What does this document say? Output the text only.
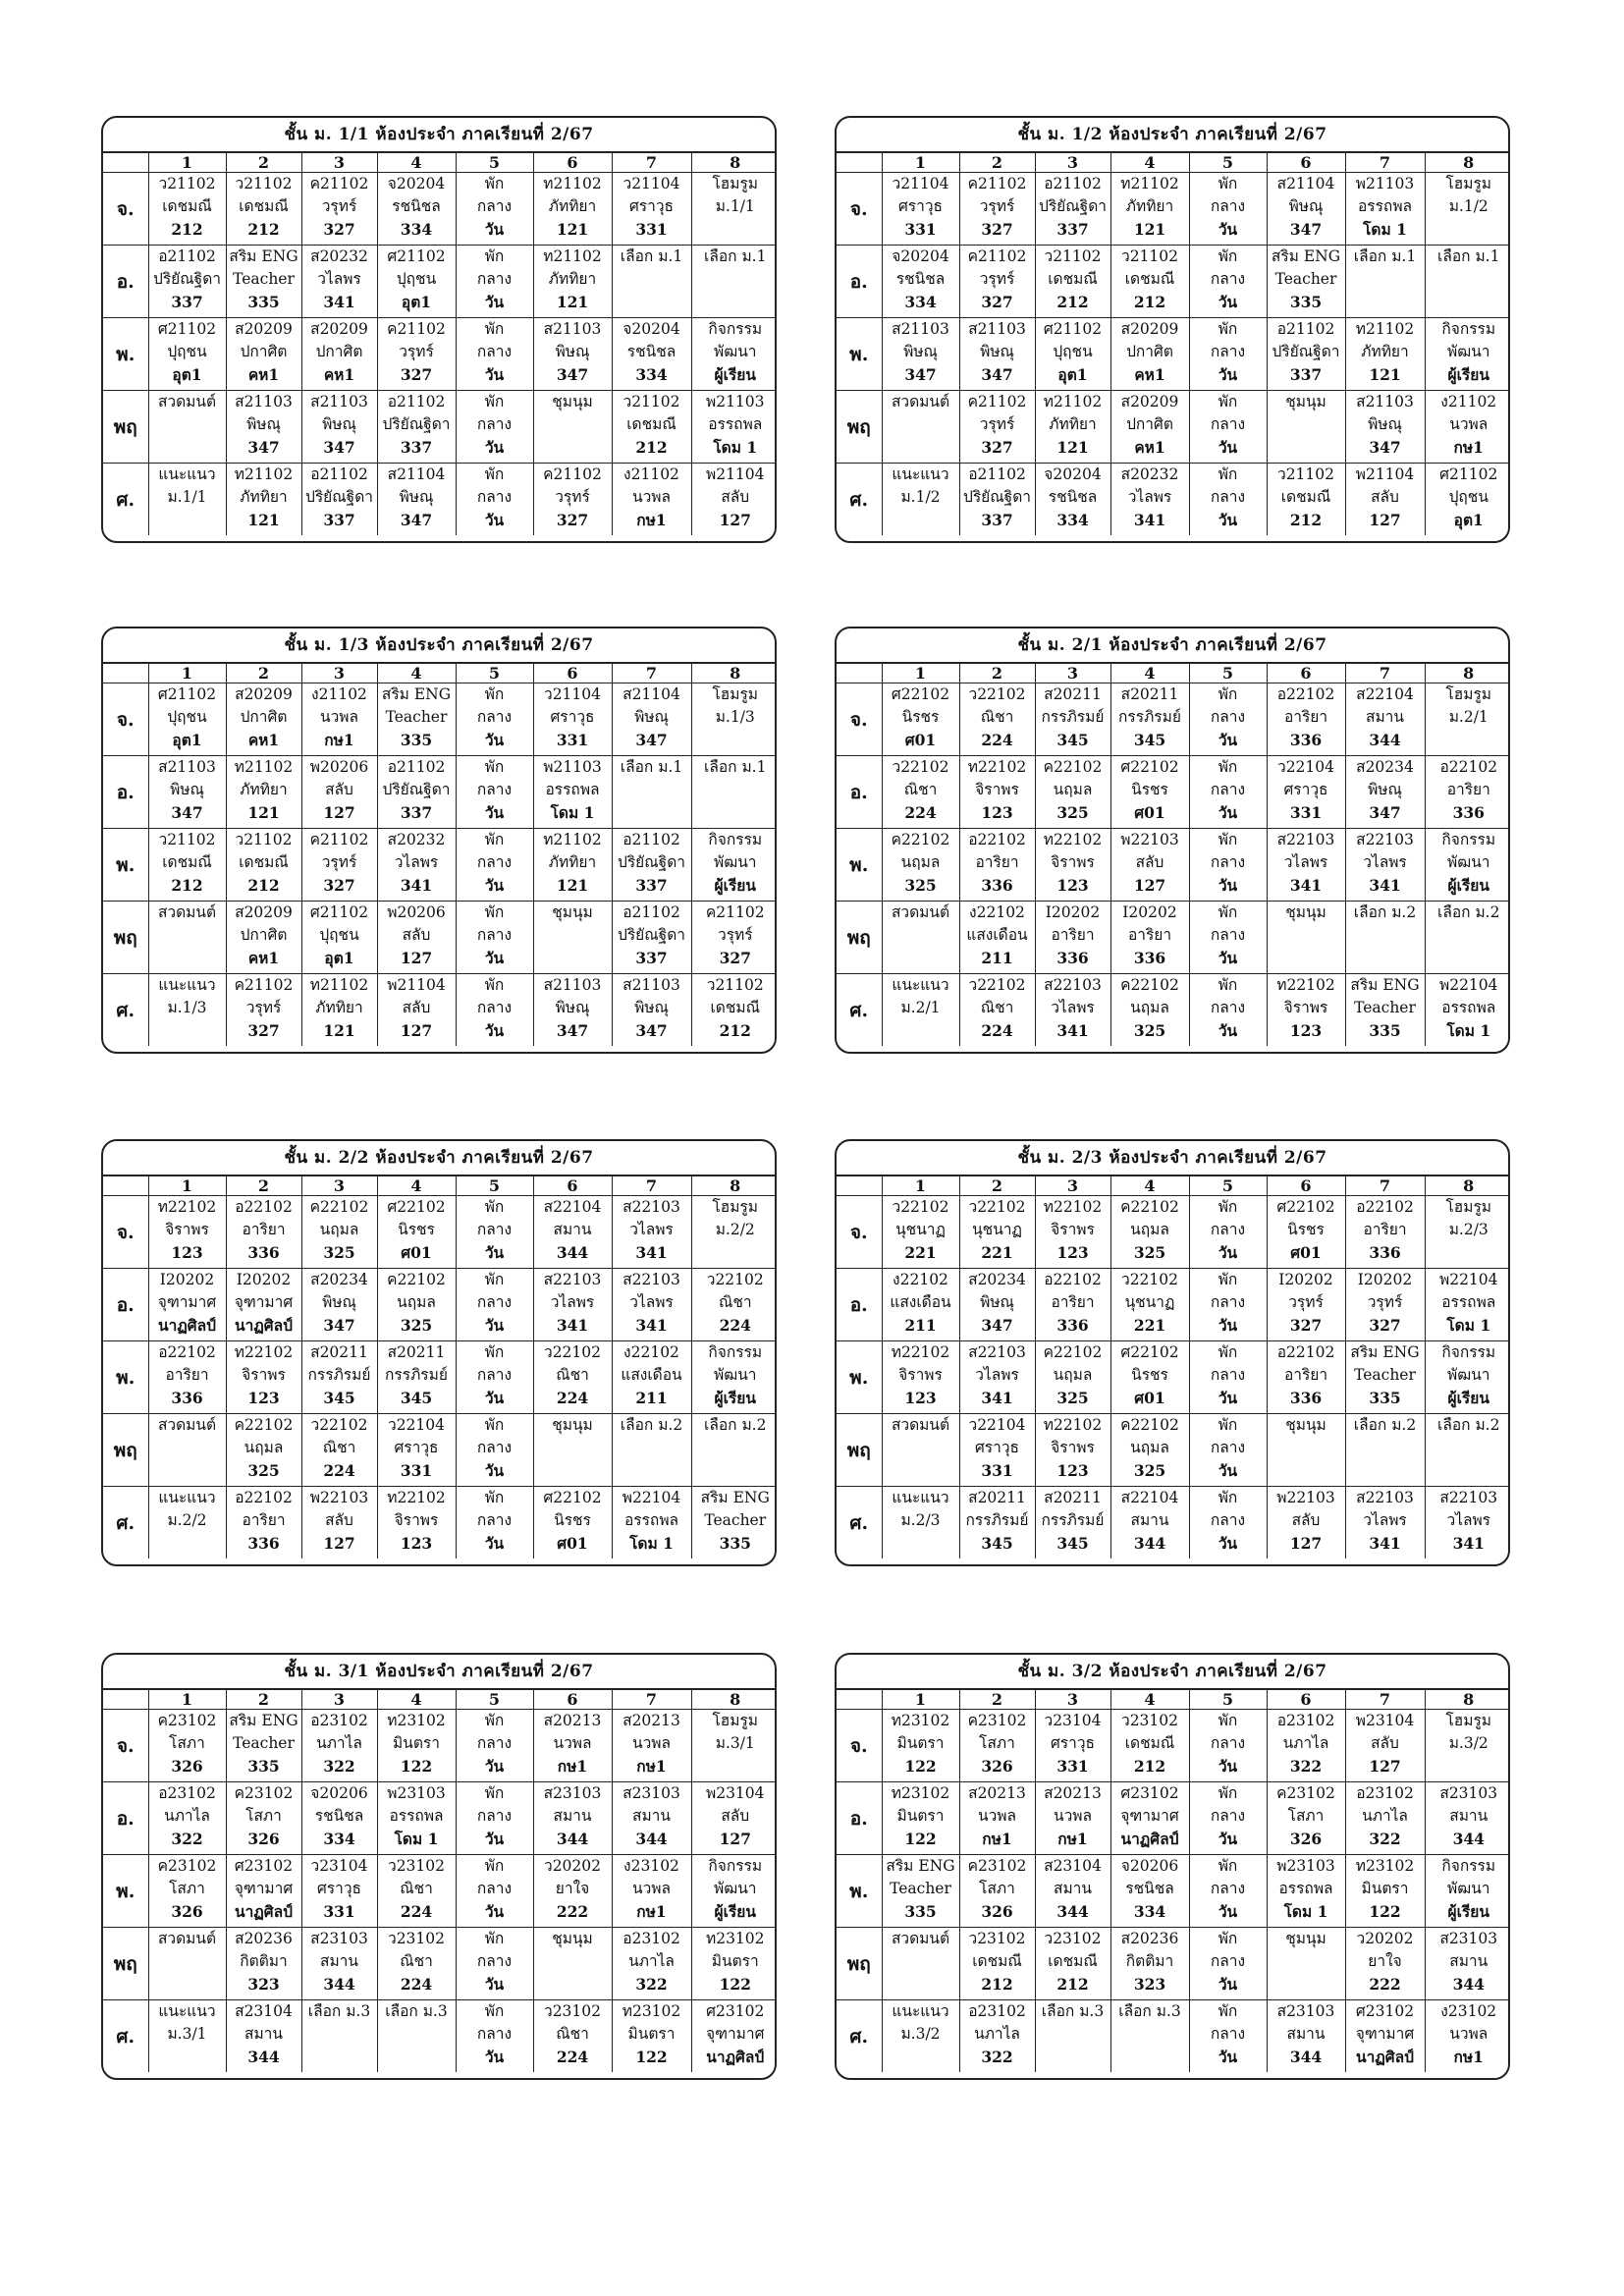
ชั้น ม. 1/1 ห้องประจำ ภาคเรียนที่ 2/67
	1	2	3	4	5	6	7	8
จ.	ว21102
เดชมณี
212	ว21102
เดชมณี
212	ค21102
วรุทร์
327	จ20204
รชนิชล
334	พัก
กลาง
วัน	ท21102
ภัททิยา
121	ว21104
ศราวุธ
331	โฮมรูม
ม.1/1

อ.	อ21102
ปริยัณฐิดา
337	สริม ENG
Teacher
335	ส20232
วไลพร
341	ศ21102
ปุฤชน
อุต1	พัก
กลาง
วัน	ท21102
ภัททิยา
121	เลือก ม.1	เลือก ม.1

พ.	ศ21102
ปุฤชน
อุต1	ส20209
ปกาศิต
คห1	ส20209
ปกาศิต
คห1	ค21102
วรุทร์
327	พัก
กลาง
วัน	ส21103
พิษณุ
347	จ20204
รชนิชล
334	กิจกรรม
พัฒนา
ผู้เรียน

พฤ	สวดมนต์	ส21103
พิษณุ
347	ส21103
พิษณุ
347	อ21102
ปริยัณฐิดา
337	พัก
กลาง
วัน	ชุมนุม	ว21102
เดชมณี
212	พ21103
อรรถพล
โดม 1

ศ.	แนะแนว
ม.1/1	ท21102
ภัททิยา
121	อ21102
ปริยัณฐิดา
337	ส21104
พิษณุ
347	พัก
กลาง
วัน	ค21102
วรุทร์
327	ง21102
นวพล
กษ1	พ21104
สลับ
127
ชั้น ม. 1/2 ห้องประจำ ภาคเรียนที่ 2/67
	1	2	3	4	5	6	7	8
จ.	ว21104
ศราวุธ
331	ค21102
วรุทร์
327	อ21102
ปริยัณฐิดา
337	ท21102
ภัททิยา
121	พัก
กลาง
วัน	ส21104
พิษณุ
347	พ21103
อรรถพล
โดม 1	โฮมรูม
ม.1/2

อ.	จ20204
รชนิชล
334	ค21102
วรุทร์
327	ว21102
เดชมณี
212	ว21102
เดชมณี
212	พัก
กลาง
วัน	สริม ENG
Teacher
335	เลือก ม.1	เลือก ม.1

พ.	ส21103
พิษณุ
347	ส21103
พิษณุ
347	ศ21102
ปุฤชน
อุต1	ส20209
ปกาศิต
คห1	พัก
กลาง
วัน	อ21102
ปริยัณฐิดา
337	ท21102
ภัททิยา
121	กิจกรรม
พัฒนา
ผู้เรียน

พฤ	สวดมนต์	ค21102
วรุทร์
327	ท21102
ภัททิยา
121	ส20209
ปกาศิต
คห1	พัก
กลาง
วัน	ชุมนุม	ส21103
พิษณุ
347	ง21102
นวพล
กษ1

ศ.	แนะแนว
ม.1/2	อ21102
ปริยัณฐิดา
337	จ20204
รชนิชล
334	ส20232
วไลพร
341	พัก
กลาง
วัน	ว21102
เดชมณี
212	พ21104
สลับ
127	ศ21102
ปุฤชน
อุต1
ชั้น ม. 1/3 ห้องประจำ ภาคเรียนที่ 2/67
	1	2	3	4	5	6	7	8
จ.	ศ21102
ปุฤชน
อุต1	ส20209
ปกาศิต
คห1	ง21102
นวพล
กษ1	สริม ENG
Teacher
335	พัก
กลาง
วัน	ว21104
ศราวุธ
331	ส21104
พิษณุ
347	โฮมรูม
ม.1/3

อ.	ส21103
พิษณุ
347	ท21102
ภัททิยา
121	พ20206
สลับ
127	อ21102
ปริยัณฐิดา
337	พัก
กลาง
วัน	พ21103
อรรถพล
โดม 1	เลือก ม.1	เลือก ม.1

พ.	ว21102
เดชมณี
212	ว21102
เดชมณี
212	ค21102
วรุทร์
327	ส20232
วไลพร
341	พัก
กลาง
วัน	ท21102
ภัททิยา
121	อ21102
ปริยัณฐิดา
337	กิจกรรม
พัฒนา
ผู้เรียน

พฤ	สวดมนต์	ส20209
ปกาศิต
คห1	ศ21102
ปุฤชน
อุต1	พ20206
สลับ
127	พัก
กลาง
วัน	ชุมนุม	อ21102
ปริยัณฐิดา
337	ค21102
วรุทร์
327

ศ.	แนะแนว
ม.1/3	ค21102
วรุทร์
327	ท21102
ภัททิยา
121	พ21104
สลับ
127	พัก
กลาง
วัน	ส21103
พิษณุ
347	ส21103
พิษณุ
347	ว21102
เดชมณี
212
ชั้น ม. 2/1 ห้องประจำ ภาคเรียนที่ 2/67
	1	2	3	4	5	6	7	8
จ.	ศ22102
นิรชร
ศ01	ว22102
ณิชา
224	ส20211
กรรภิรมย์
345	ส20211
กรรภิรมย์
345	พัก
กลาง
วัน	อ22102
อาริยา
336	ส22104
สมาน
344	โฮมรูม
ม.2/1

อ.	ว22102
ณิชา
224	ท22102
จิราพร
123	ค22102
นฤมล
325	ศ22102
นิรชร
ศ01	พัก
กลาง
วัน	ว22104
ศราวุธ
331	ส20234
พิษณุ
347	อ22102
อาริยา
336

พ.	ค22102
นฤมล
325	อ22102
อาริยา
336	ท22102
จิราพร
123	พ22103
สลับ
127	พัก
กลาง
วัน	ส22103
วไลพร
341	ส22103
วไลพร
341	กิจกรรม
พัฒนา
ผู้เรียน

พฤ	สวดมนต์	ง22102
แสงเดือน
211	I20202
อาริยา
336	I20202
อาริยา
336	พัก
กลาง
วัน	ชุมนุม	เลือก ม.2	เลือก ม.2

ศ.	แนะแนว
ม.2/1	ว22102
ณิชา
224	ส22103
วไลพร
341	ค22102
นฤมล
325	พัก
กลาง
วัน	ท22102
จิราพร
123	สริม ENG
Teacher
335	พ22104
อรรถพล
โดม 1
ชั้น ม. 2/2 ห้องประจำ ภาคเรียนที่ 2/67
	1	2	3	4	5	6	7	8
จ.	ท22102
จิราพร
123	อ22102
อาริยา
336	ค22102
นฤมล
325	ศ22102
นิรชร
ศ01	พัก
กลาง
วัน	ส22104
สมาน
344	ส22103
วไลพร
341	โฮมรูม
ม.2/2

อ.	I20202
จุฑามาศ
นาฏศิลป์	I20202
จุฑามาศ
นาฏศิลป์	ส20234
พิษณุ
347	ค22102
นฤมล
325	พัก
กลาง
วัน	ส22103
วไลพร
341	ส22103
วไลพร
341	ว22102
ณิชา
224

พ.	อ22102
อาริยา
336	ท22102
จิราพร
123	ส20211
กรรภิรมย์
345	ส20211
กรรภิรมย์
345	พัก
กลาง
วัน	ว22102
ณิชา
224	ง22102
แสงเดือน
211	กิจกรรม
พัฒนา
ผู้เรียน

พฤ	สวดมนต์	ค22102
นฤมล
325	ว22102
ณิชา
224	ว22104
ศราวุธ
331	พัก
กลาง
วัน	ชุมนุม	เลือก ม.2	เลือก ม.2

ศ.	แนะแนว
ม.2/2	อ22102
อาริยา
336	พ22103
สลับ
127	ท22102
จิราพร
123	พัก
กลาง
วัน	ศ22102
นิรชร
ศ01	พ22104
อรรถพล
โดม 1	สริม ENG
Teacher
335
ชั้น ม. 2/3 ห้องประจำ ภาคเรียนที่ 2/67
	1	2	3	4	5	6	7	8
จ.	ว22102
นุชนาฏ
221	ว22102
นุชนาฏ
221	ท22102
จิราพร
123	ค22102
นฤมล
325	พัก
กลาง
วัน	ศ22102
นิรชร
ศ01	อ22102
อาริยา
336	โฮมรูม
ม.2/3

อ.	ง22102
แสงเดือน
211	ส20234
พิษณุ
347	อ22102
อาริยา
336	ว22102
นุชนาฏ
221	พัก
กลาง
วัน	I20202
วรุทร์
327	I20202
วรุทร์
327	พ22104
อรรถพล
โดม 1

พ.	ท22102
จิราพร
123	ส22103
วไลพร
341	ค22102
นฤมล
325	ศ22102
นิรชร
ศ01	พัก
กลาง
วัน	อ22102
อาริยา
336	สริม ENG
Teacher
335	กิจกรรม
พัฒนา
ผู้เรียน

พฤ	สวดมนต์	ว22104
ศราวุธ
331	ท22102
จิราพร
123	ค22102
นฤมล
325	พัก
กลาง
วัน	ชุมนุม	เลือก ม.2	เลือก ม.2

ศ.	แนะแนว
ม.2/3	ส20211
กรรภิรมย์
345	ส20211
กรรภิรมย์
345	ส22104
สมาน
344	พัก
กลาง
วัน	พ22103
สลับ
127	ส22103
วไลพร
341	ส22103
วไลพร
341
ชั้น ม. 3/1 ห้องประจำ ภาคเรียนที่ 2/67
	1	2	3	4	5	6	7	8
จ.	ค23102
โสภา
326	สริม ENG
Teacher
335	อ23102
นภาไล
322	ท23102
มินตรา
122	พัก
กลาง
วัน	ส20213
นวพล
กษ1	ส20213
นวพล
กษ1	โฮมรูม
ม.3/1

อ.	อ23102
นภาไล
322	ค23102
โสภา
326	จ20206
รชนิชล
334	พ23103
อรรถพล
โดม 1	พัก
กลาง
วัน	ส23103
สมาน
344	ส23103
สมาน
344	พ23104
สลับ
127

พ.	ค23102
โสภา
326	ศ23102
จุฑามาศ
นาฏศิลป์	ว23104
ศราวุธ
331	ว23102
ณิชา
224	พัก
กลาง
วัน	ว20202
ยาใจ
222	ง23102
นวพล
กษ1	กิจกรรม
พัฒนา
ผู้เรียน

พฤ	สวดมนต์	ส20236
กิตติมา
323	ส23103
สมาน
344	ว23102
ณิชา
224	พัก
กลาง
วัน	ชุมนุม	อ23102
นภาไล
322	ท23102
มินตรา
122

ศ.	แนะแนว
ม.3/1	ส23104
สมาน
344	เลือก ม.3	เลือก ม.3	พัก
กลาง
วัน	ว23102
ณิชา
224	ท23102
มินตรา
122	ศ23102
จุฑามาศ
นาฏศิลป์
ชั้น ม. 3/2 ห้องประจำ ภาคเรียนที่ 2/67
	1	2	3	4	5	6	7	8
จ.	ท23102
มินตรา
122	ค23102
โสภา
326	ว23104
ศราวุธ
331	ว23102
เดชมณี
212	พัก
กลาง
วัน	อ23102
นภาไล
322	พ23104
สลับ
127	โฮมรูม
ม.3/2

อ.	ท23102
มินตรา
122	ส20213
นวพล
กษ1	ส20213
นวพล
กษ1	ศ23102
จุฑามาศ
นาฏศิลป์	พัก
กลาง
วัน	ค23102
โสภา
326	อ23102
นภาไล
322	ส23103
สมาน
344

พ.	สริม ENG
Teacher
335	ค23102
โสภา
326	ส23104
สมาน
344	จ20206
รชนิชล
334	พัก
กลาง
วัน	พ23103
อรรถพล
โดม 1	ท23102
มินตรา
122	กิจกรรม
พัฒนา
ผู้เรียน

พฤ	สวดมนต์	ว23102
เดชมณี
212	ว23102
เดชมณี
212	ส20236
กิตติมา
323	พัก
กลาง
วัน	ชุมนุม	ว20202
ยาใจ
222	ส23103
สมาน
344

ศ.	แนะแนว
ม.3/2	อ23102
นภาไล
322	เลือก ม.3	เลือก ม.3	พัก
กลาง
วัน	ส23103
สมาน
344	ศ23102
จุฑามาศ
นาฏศิลป์	ง23102
นวพล
กษ1
